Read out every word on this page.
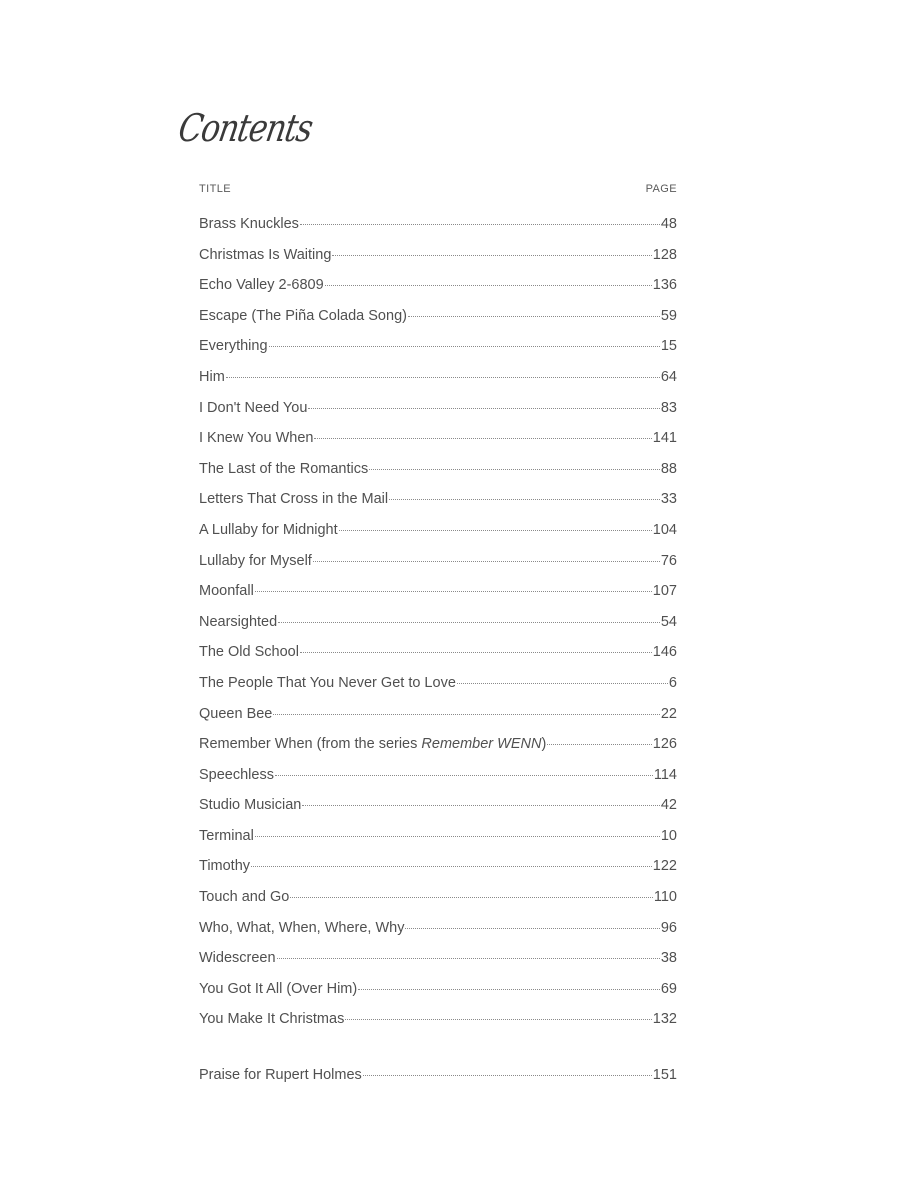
Contents
TITLE	PAGE
Brass Knuckles	48
Christmas Is Waiting	128
Echo Valley 2-6809	136
Escape (The Piña Colada Song)	59
Everything	15
Him	64
I Don't Need You	83
I Knew You When	141
The Last of the Romantics	88
Letters That Cross in the Mail	33
A Lullaby for Midnight	104
Lullaby for Myself	76
Moonfall	107
Nearsighted	54
The Old School	146
The People That You Never Get to Love	6
Queen Bee	22
Remember When (from the series Remember WENN)	126
Speechless	114
Studio Musician	42
Terminal	10
Timothy	122
Touch and Go	110
Who, What, When, Where, Why	96
Widescreen	38
You Got It All (Over Him)	69
You Make It Christmas	132
Praise for Rupert Holmes	151
